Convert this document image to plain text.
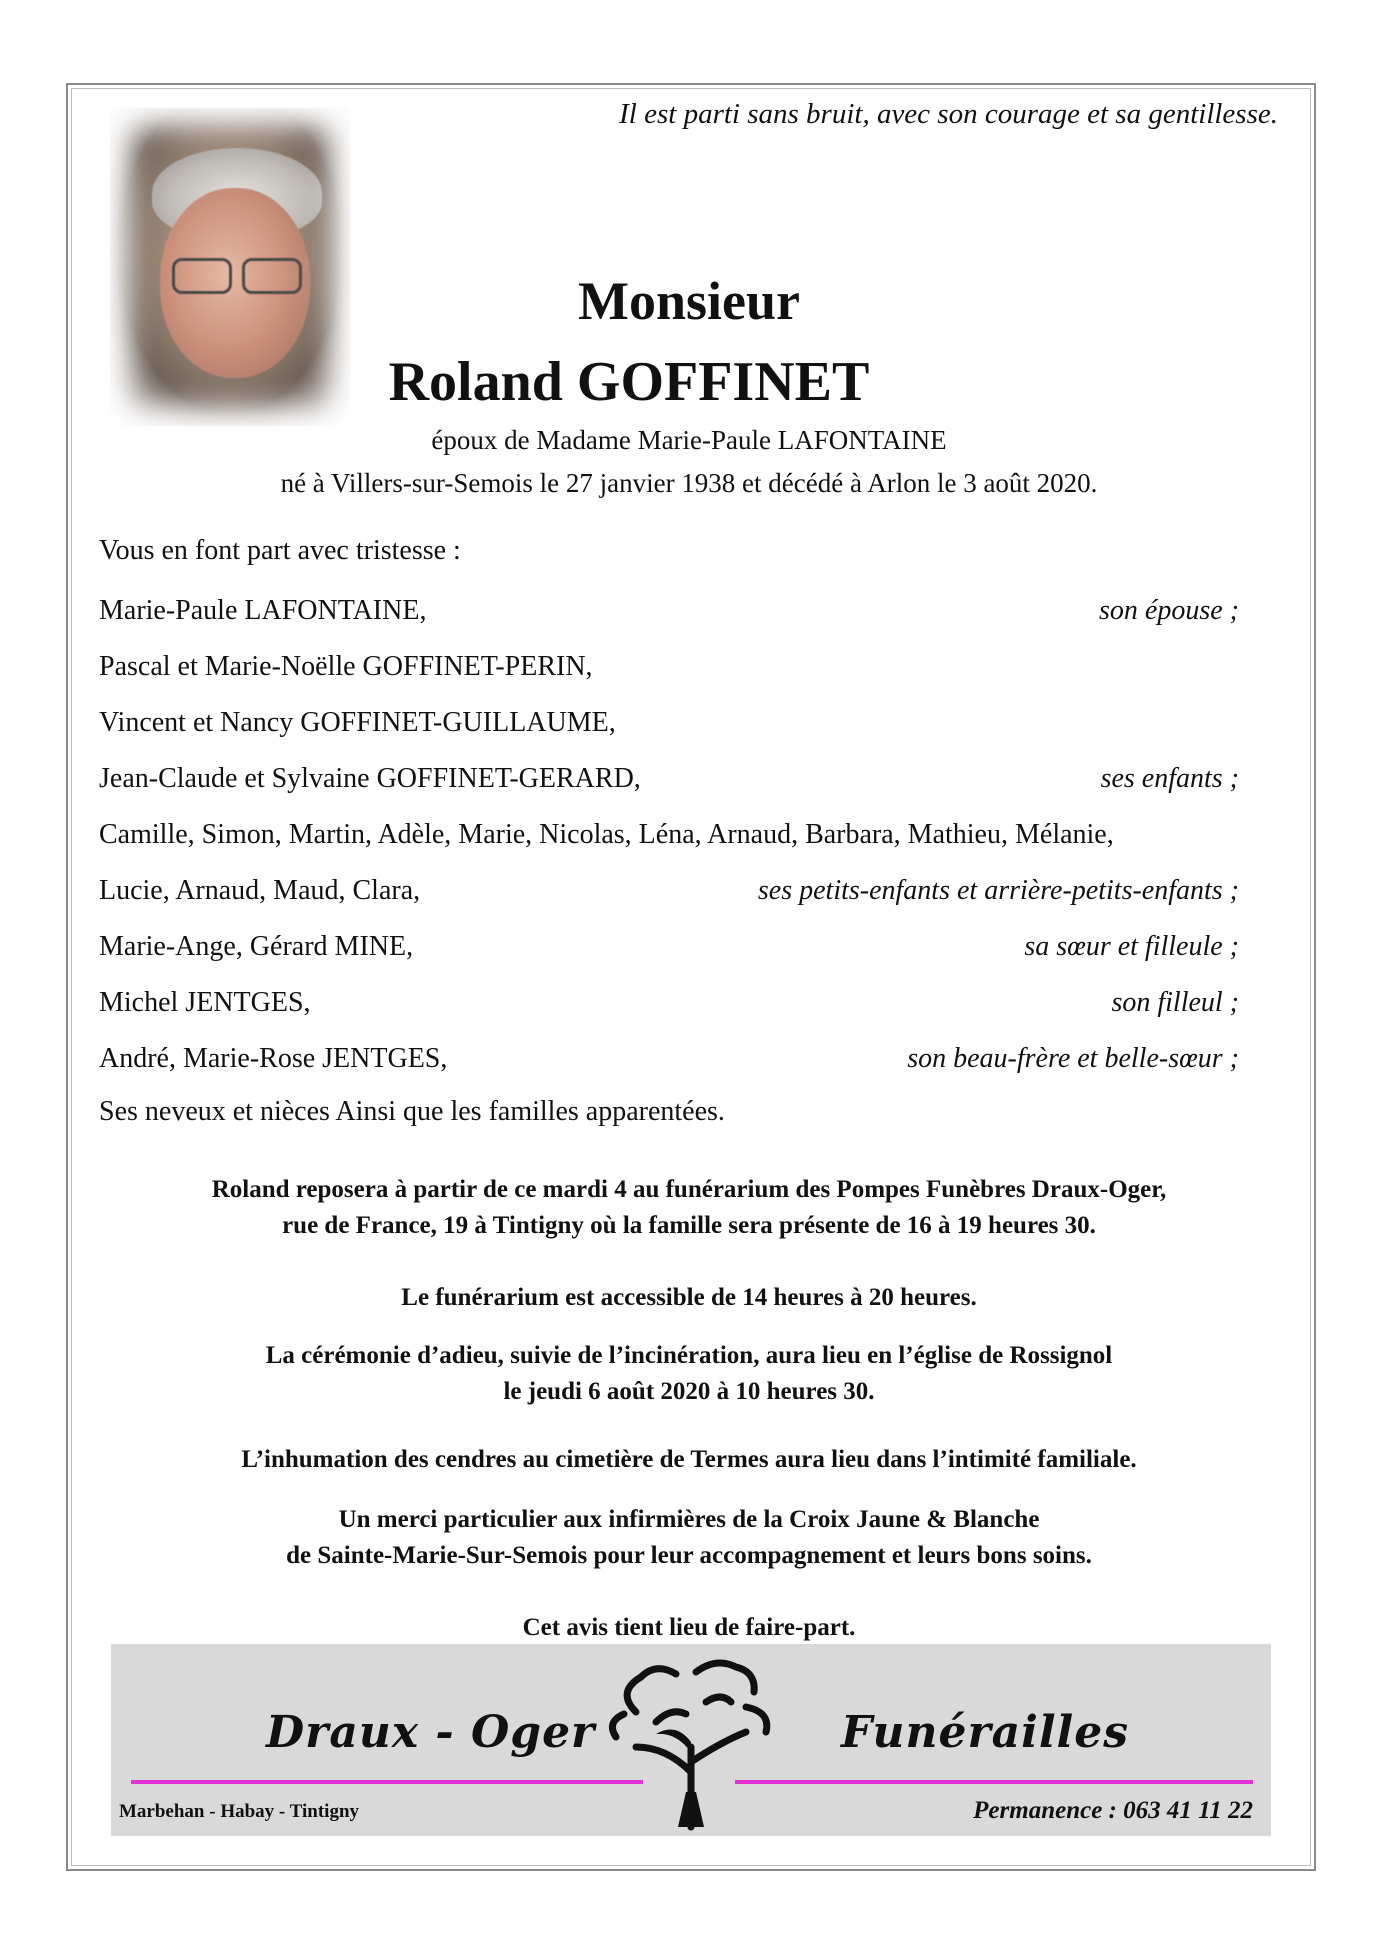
Il est parti sans bruit, avec son courage et sa gentillesse.
Monsieur
Roland GOFFINET
époux de Madame Marie-Paule LAFONTAINE
né à Villers-sur-Semois le 27 janvier 1938 et décédé à Arlon le 3 août 2020.
Vous en font part avec tristesse :
Marie-Paule LAFONTAINE,	son épouse ;
Pascal et Marie-Noëlle GOFFINET-PERIN,
Vincent et Nancy GOFFINET-GUILLAUME,
Jean-Claude et Sylvaine GOFFINET-GERARD,	ses enfants ;
Camille, Simon, Martin, Adèle, Marie, Nicolas, Léna, Arnaud, Barbara, Mathieu, Mélanie,
Lucie, Arnaud, Maud, Clara,	ses petits-enfants et arrière-petits-enfants ;
Marie-Ange, Gérard MINE,	sa sœur et filleule ;
Michel JENTGES,	son filleul ;
André, Marie-Rose JENTGES,	son beau-frère et belle-sœur ;
Ses neveux et nièces Ainsi que les familles apparentées.
Roland reposera à partir de ce mardi 4 au funérarium des Pompes Funèbres Draux-Oger,
rue de France, 19 à Tintigny où la famille sera présente de 16 à 19 heures 30.
Le funérarium est accessible de 14 heures à 20 heures.
La cérémonie d’adieu, suivie de l’incinération, aura lieu en l’église de Rossignol
le jeudi 6 août 2020 à 10 heures 30.
L’inhumation des cendres au cimetière de Termes aura lieu dans l’intimité familiale.
Un merci particulier aux infirmières de la Croix Jaune & Blanche
de Sainte-Marie-Sur-Semois pour leur accompagnement et leurs bons soins.
Cet avis tient lieu de faire-part.
Draux - Oger	Funérailles
Marbehan - Habay - Tintigny	Permanence : 063 41 11 22
